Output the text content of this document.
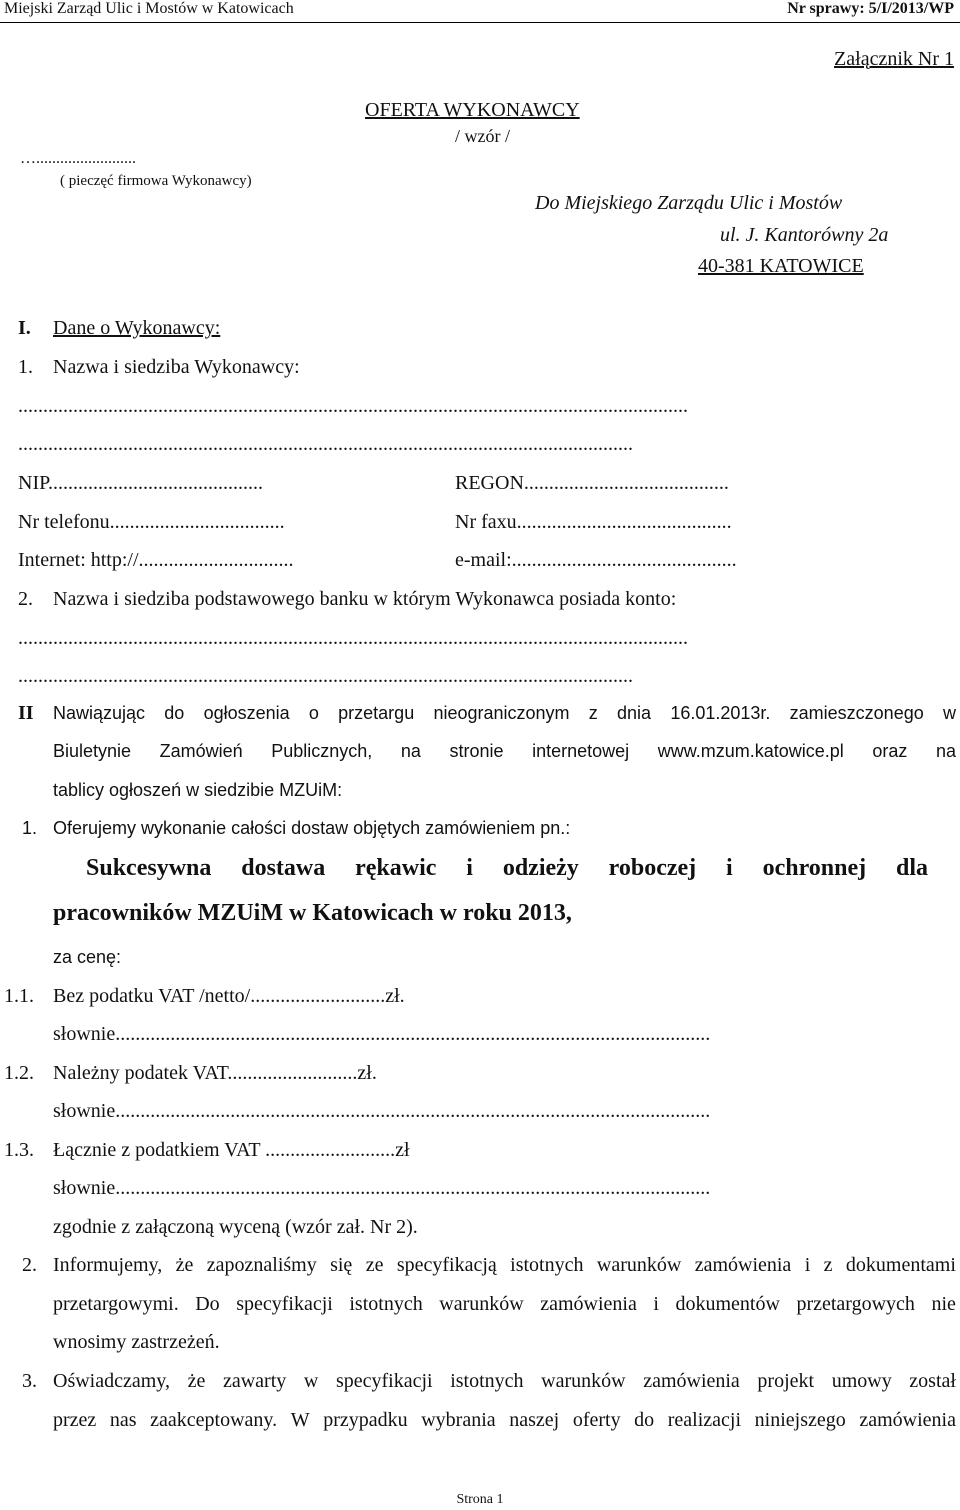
Miejski Zarząd Ulic i Mostów w Katowicach	Nr sprawy: 5/I/2013/WP
Załącznik Nr 1
OFERTA WYKONAWCY
/ wzór /
….........................
( pieczęć firmowa Wykonawcy)
Do Miejskiego Zarządu Ulic i Mostów
ul. J. Kantorówny 2a
40-381 KATOWICE
I. Dane o Wykonawcy:
1. Nazwa i siedziba Wykonawcy:
......................................................................................................................................
...........................................................................................................................
NIP...........................................	REGON.........................................
Nr telefonu...................................	Nr faxu...........................................
Internet: http://...............................	e-mail:.............................................
2. Nazwa i siedziba podstawowego banku w którym Wykonawca posiada konto:
......................................................................................................................................
...........................................................................................................................
II Nawiązując do ogłoszenia o przetargu nieograniczonym z dnia 16.01.2013r. zamieszczonego w
Biuletynie Zamówień Publicznych, na stronie internetowej www.mzum.katowice.pl oraz na
tablicy ogłoszeń w siedzibie MZUiM:
1. Oferujemy wykonanie całości dostaw objętych zamówieniem pn.:
Sukcesywna dostawa rękawic i odzieży roboczej i ochronnej dla
pracowników MZUiM w Katowicach w roku 2013,
za cenę:
1.1. Bez podatku VAT /netto/...........................zł.
słownie.......................................................................................................................
1.2. Należny podatek VAT..........................zł.
słownie.......................................................................................................................
1.3. Łącznie z podatkiem VAT ..........................zł
słownie.......................................................................................................................
zgodnie z załączoną wyceną (wzór zał. Nr 2).
2. Informujemy, że zapoznaliśmy się ze specyfikacją istotnych warunków zamówienia i z dokumentami
przetargowymi. Do specyfikacji istotnych warunków zamówienia i dokumentów przetargowych nie
wnosimy zastrzeżeń.
3. Oświadczamy, że zawarty w specyfikacji istotnych warunków zamówienia projekt umowy został
przez nas zaakceptowany. W przypadku wybrania naszej oferty do realizacji niniejszego zamówienia
Strona 1
